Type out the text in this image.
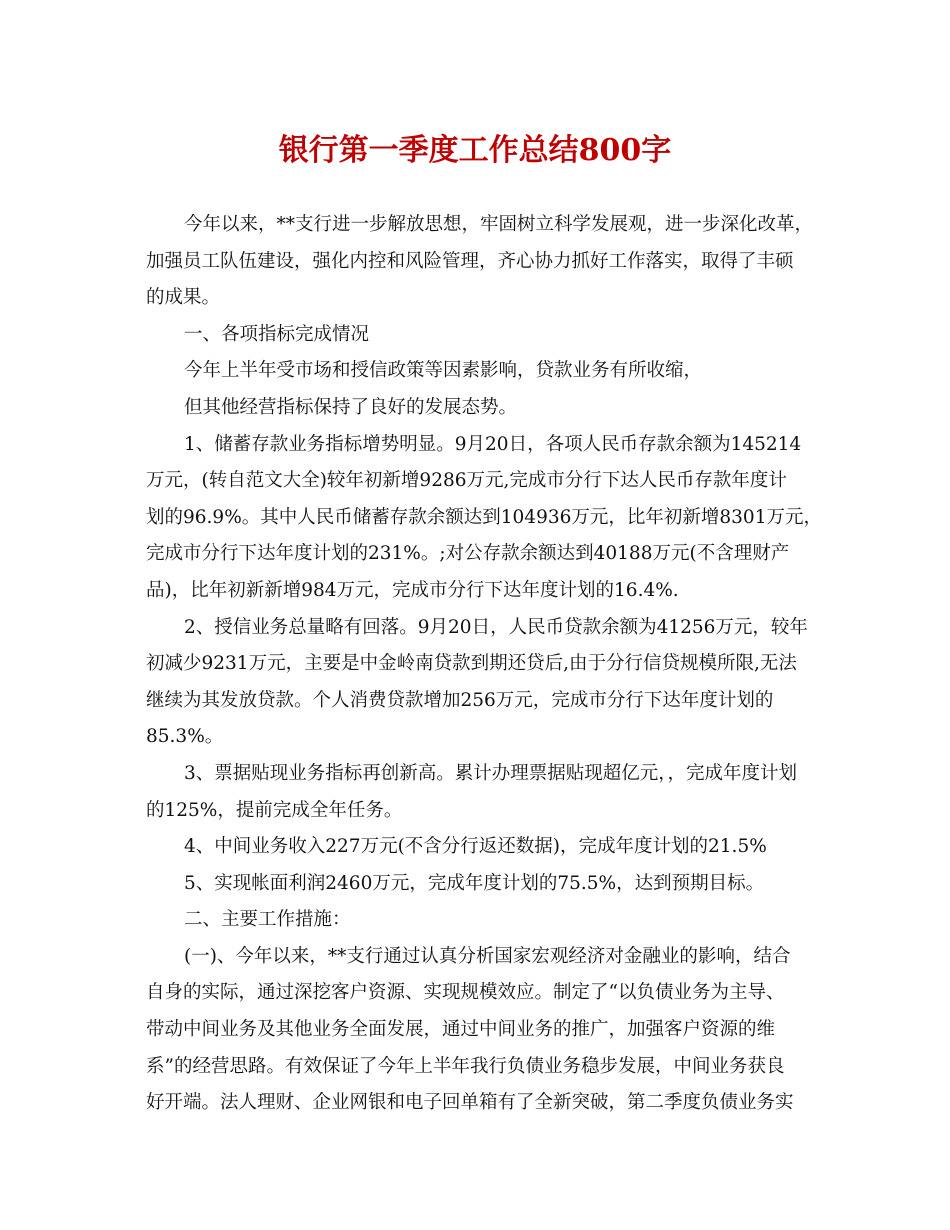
银行第一季度工作总结800字

今年以来，**支行进一步解放思想，牢固树立科学发展观，进一步深化改革，

加强员工队伍建设，强化内控和风险管理，齐心协力抓好工作落实，取得了丰硕

的成果。

一、各项指标完成情况

今年上半年受市场和授信政策等因素影响，贷款业务有所收缩，

但其他经营指标保持了良好的发展态势。

1、储蓄存款业务指标增势明显。9月20日，各项人民币存款余额为145214

万元，(转自范文大全)较年初新增9286万元,完成市分行下达人民币存款年度计

划的96.9%。其中人民币储蓄存款余额达到104936万元，比年初新增8301万元，

完成市分行下达年度计划的231%。;对公存款余额达到40188万元(不含理财产

品)，比年初新新增984万元，完成市分行下达年度计划的16.4%.

2、授信业务总量略有回落。9月20日，人民币贷款余额为41256万元，较年

初减少9231万元，主要是中金岭南贷款到期还贷后,由于分行信贷规模所限,无法

继续为其发放贷款。个人消费贷款增加256万元，完成市分行下达年度计划的

85.3%。

3、票据贴现业务指标再创新高。累计办理票据贴现超亿元，，完成年度计划

的125%，提前完成全年任务。

4、中间业务收入227万元(不含分行返还数据)，完成年度计划的21.5%

5、实现帐面利润2460万元，完成年度计划的75.5%，达到预期目标。

二、主要工作措施：

(一)、今年以来，**支行通过认真分析国家宏观经济对金融业的影响，结合

自身的实际，通过深挖客户资源、实现规模效应。制定了“以负债业务为主导、

带动中间业务及其他业务全面发展，通过中间业务的推广，加强客户资源的维

系”的经营思路。有效保证了今年上半年我行负债业务稳步发展，中间业务获良

好开端。法人理财、企业网银和电子回单箱有了全新突破，第二季度负债业务实
